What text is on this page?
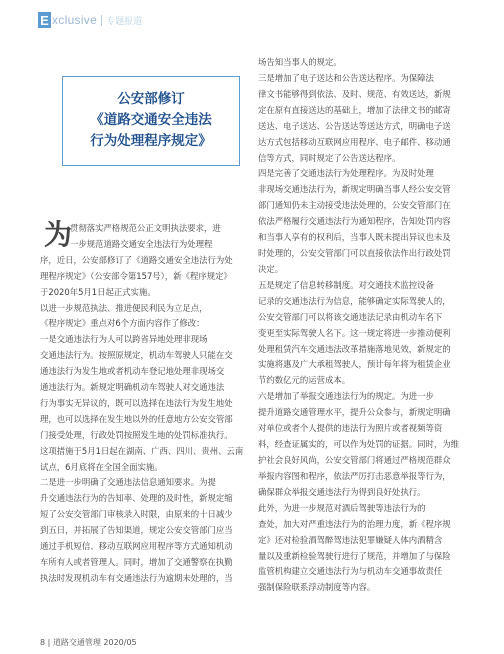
E xclusive 专题报道
公安部修订
《道路交通安全违法
行为处理程序规定》
为
贯彻落实严格规范公正文明执法要求，进
一步规范道路交通安全违法行为处理程
序，近日，公安部修订了《道路交通安全违法行为处
理程序规定》（公安部令第157号），新《程序规定》
于2020年5月1日起正式实施。
以进一步规范执法、推进便民利民为立足点，
《程序规定》重点对6个方面内容作了修改：
一是交通违法行为人可以跨省异地处理非现场
交通违法行为。按照原规定，机动车驾驶人只能在交
通违法行为发生地或者机动车登记地处理非现场交
通违法行为。新规定明确机动车驾驶人对交通违法
行为事实无异议的，既可以选择在违法行为发生地处
理，也可以选择在发生地以外的任意地方公安交管部
门接受处理，行政处罚按照发生地的处罚标准执行。
这项措施于5月1日起在湖南、广西、四川、贵州、云南
试点，6月底将在全国全面实施。
二是进一步明确了交通违法信息通知要求。为提
升交通违法行为的告知率、处理的及时性，新规定缩
短了公安交管部门审核录入时限，由原来的十日减少
到五日，并拓展了告知渠道，规定公安交管部门应当
通过手机短信、移动互联网应用程序等方式通知机动
车所有人或者管理人。同时，增加了交通警察在执勤
执法时发现机动车有交通违法行为逾期未处理的，当
场告知当事人的规定。
三是增加了电子送达和公告送达程序。为保障法
律文书能够得到依法、及时、规范、有效送达，新规
定在原有直接送达的基础上，增加了法律文书的邮寄
送达、电子送达、公告送达等送达方式，明确电子送
达方式包括移动互联网应用程序、电子邮件、移动通
信等方式，同时规定了公告送达程序。
四是完善了交通违法行为处理程序。为及时处理
非现场交通违法行为，新规定明确当事人经公安交管
部门通知仍未主动接受违法处理的，公安交管部门在
依法严格履行交通违法行为通知程序，告知处罚内容
和当事人享有的权利后，当事人既未提出异议也未及
时处理的，公安交管部门可以直接依法作出行政处罚
决定。
五是规定了信息转移制度。对交通技术监控设备
记录的交通违法行为信息，能够确定实际驾驶人的，
公安交管部门可以将该交通违法记录由机动车名下
变更至实际驾驶人名下。这一规定将进一步推动便利
处理租赁汽车交通违法改革措施落地见效，新规定的
实施将惠及广大承租驾驶人，预计每年将为租赁企业
节约数亿元的运营成本。
六是增加了举报交通违法行为的规定。为进一步
提升道路交通管理水平，提升公众参与，新规定明确
对单位或者个人提供的违法行为照片或者视频等资
料，经查证属实的，可以作为处罚的证据。同时，为维
护社会良好风尚，公安交管部门将通过严格规范群众
举报内容图和程序，依法严厉打击恶意举报等行为，
确保群众举报交通违法行为得到良好处执行。
此外，为进一步规范对酒后驾驶等违法行为的
查处，加大对严重违法行为的治理力度，新《程序规
定》还对检验酒驾醉驾违法犯罪嫌疑人体内酒精含
量以及重新检验驾驶行进行了规范，并增加了与保险
监管机构建立交通违法行为与机动车交通事故责任
强制保险联系浮动制度等内容。
8 | 道路交通管理 2020/05
